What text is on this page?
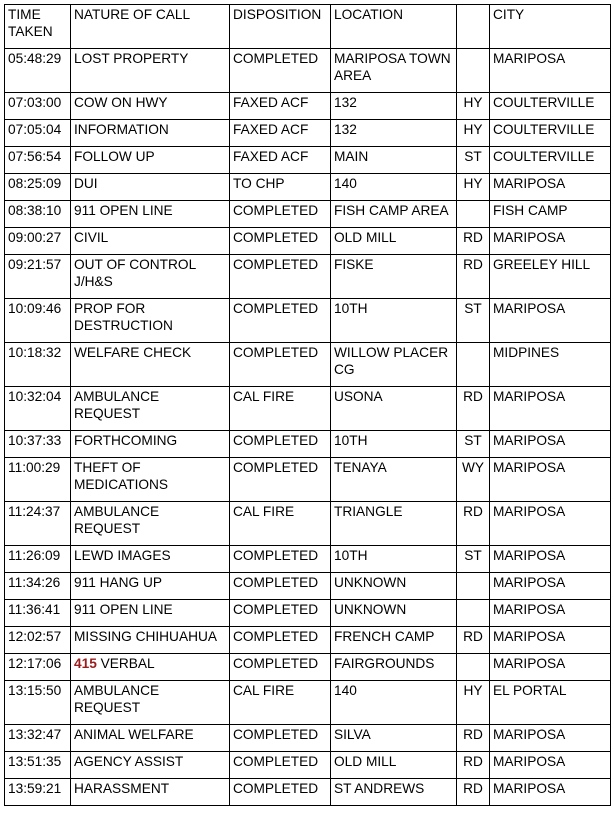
TIME TAKEN	NATURE OF CALL	DISPOSITION	LOCATION		CITY
05:48:29	LOST PROPERTY	COMPLETED	MARIPOSA TOWN AREA		MARIPOSA
07:03:00	COW ON HWY	FAXED ACF	132	HY	COULTERVILLE
07:05:04	INFORMATION	FAXED ACF	132	HY	COULTERVILLE
07:56:54	FOLLOW UP	FAXED ACF	MAIN	ST	COULTERVILLE
08:25:09	DUI	TO CHP	140	HY	MARIPOSA
08:38:10	911 OPEN LINE	COMPLETED	FISH CAMP AREA		FISH CAMP
09:00:27	CIVIL	COMPLETED	OLD MILL	RD	MARIPOSA
09:21:57	OUT OF CONTROL J/H&S	COMPLETED	FISKE	RD	GREELEY HILL
10:09:46	PROP FOR DESTRUCTION	COMPLETED	10TH	ST	MARIPOSA
10:18:32	WELFARE CHECK	COMPLETED	WILLOW PLACER CG		MIDPINES
10:32:04	AMBULANCE REQUEST	CAL FIRE	USONA	RD	MARIPOSA
10:37:33	FORTHCOMING	COMPLETED	10TH	ST	MARIPOSA
11:00:29	THEFT OF MEDICATIONS	COMPLETED	TENAYA	WY	MARIPOSA
11:24:37	AMBULANCE REQUEST	CAL FIRE	TRIANGLE	RD	MARIPOSA
11:26:09	LEWD IMAGES	COMPLETED	10TH	ST	MARIPOSA
11:34:26	911 HANG UP	COMPLETED	UNKNOWN		MARIPOSA
11:36:41	911 OPEN LINE	COMPLETED	UNKNOWN		MARIPOSA
12:02:57	MISSING CHIHUAHUA	COMPLETED	FRENCH CAMP	RD	MARIPOSA
12:17:06	415 VERBAL	COMPLETED	FAIRGROUNDS		MARIPOSA
13:15:50	AMBULANCE REQUEST	CAL FIRE	140	HY	EL PORTAL
13:32:47	ANIMAL WELFARE	COMPLETED	SILVA	RD	MARIPOSA
13:51:35	AGENCY ASSIST	COMPLETED	OLD MILL	RD	MARIPOSA
13:59:21	HARASSMENT	COMPLETED	ST ANDREWS	RD	MARIPOSA
